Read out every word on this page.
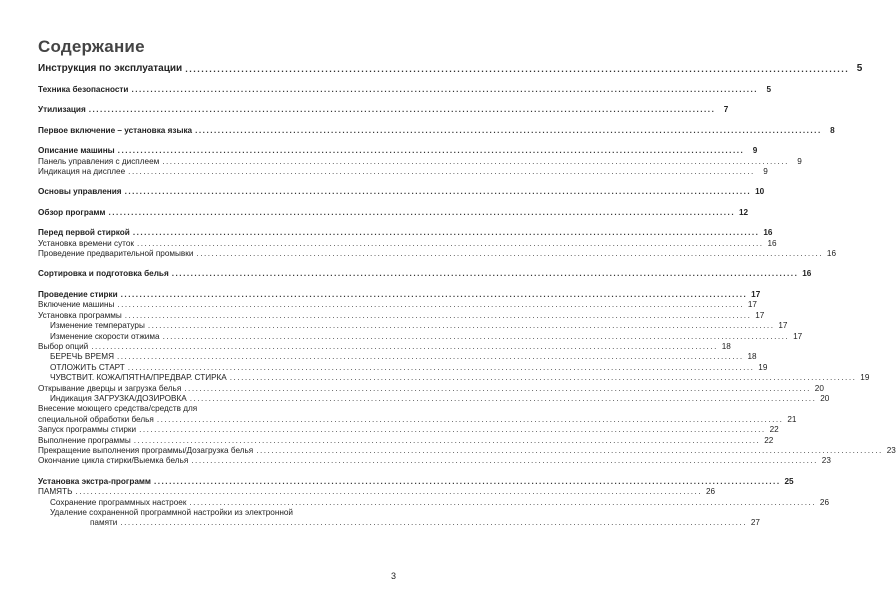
Содержание
Инструкция по эксплуатации .....	5
Техника безопасности .....	5
Утилизация .....	7
Первое включение – установка языка .....	8
Описание машины .....	9
Панель управления с дисплеем .....	9
Индикация на дисплее .....	9
Основы управления .....	10
Обзор программ .....	12
Перед первой стиркой .....	16
Установка времени суток .....	16
Проведение предварительной промывки .....	16
Сортировка и подготовка белья .....	16
Проведение стирки .....	17
Включение машины .....	17
Установка программы .....	17
Изменение температуры .....	17
Изменение скорости отжима .....	17
Выбор опций .....	18
БЕРЕЧЬ ВРЕМЯ .....	18
ОТЛОЖИТЬ СТАРТ .....	19
ЧУВСТВИТ. КОЖА/ПЯТНА/ПРЕДВАР. СТИРКА .....	19
Открывание дверцы и загрузка белья .....	20
Индикация ЗАГРУЗКА/ДОЗИРОВКА .....	20
Внесение моющего средства/средств для
специальной обработки белья .....	21
Запуск программы стирки .....	22
Выполнение программы .....	22
Прекращение выполнения программы/Дозагрузка белья .....	23
Окончание цикла стирки/Выемка белья .....	23
Установка экстра-программ .....	25
ПАМЯТЬ .....	26
Сохранение программных настроек .....	26
Удаление сохраненной программной настройки из электронной
памяти .....	27
3
